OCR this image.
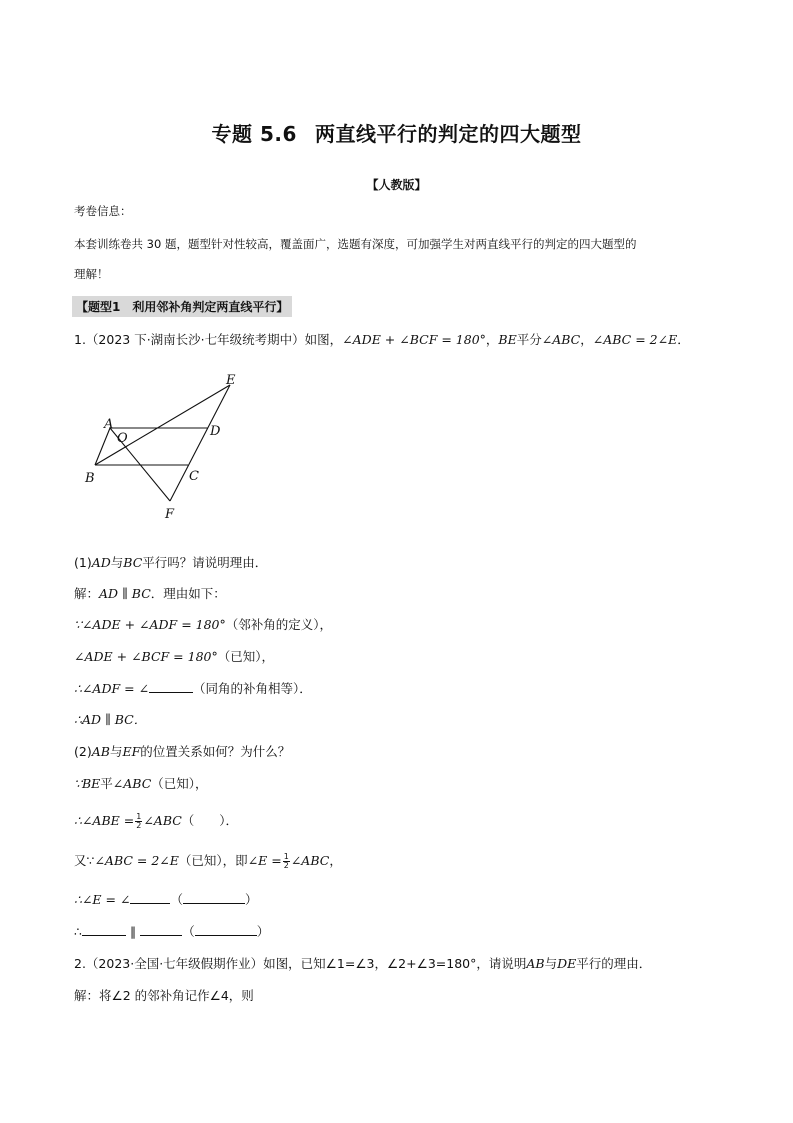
专题 5.6 两直线平行的判定的四大题型
【人教版】
考卷信息：
本套训练卷共 30 题，题型针对性较高，覆盖面广，选题有深度，可加强学生对两直线平行的判定的四大题型的
理解！
【题型1　利用邻补角判定两直线平行】
1.（2023 下·湖南长沙·七年级统考期中）如图，∠ADE + ∠BCF = 180°，BE平分∠ABC，∠ABC = 2∠E．
A
O	D
E
B	C
F
(1)AD与BC平行吗？请说明理由．
解：AD ∥ BC．理由如下：
∵∠ADE + ∠ADF = 180°（邻补角的定义），
∠ADE + ∠BCF = 180°（已知），
∴∠ADF = ∠	（同角的补角相等）．
∴AD ∥ BC．
(2)AB与EF的位置关系如何？为什么？
∵BE平∠ABC（已知），
∴∠ABE = $\frac{1}{2}$ ∠ABC（　　）．
又∵∠ABC = 2∠E（已知），即∠E = $\frac{1}{2}$ ∠ABC，
∴∠E = ∠	（	）
∴	∥	（	）
2.（2023·全国·七年级假期作业）如图，已知∠1=∠3，∠2+∠3=180°，请说明AB与DE平行的理由．
解：将∠2 的邻补角记作∠4，则
